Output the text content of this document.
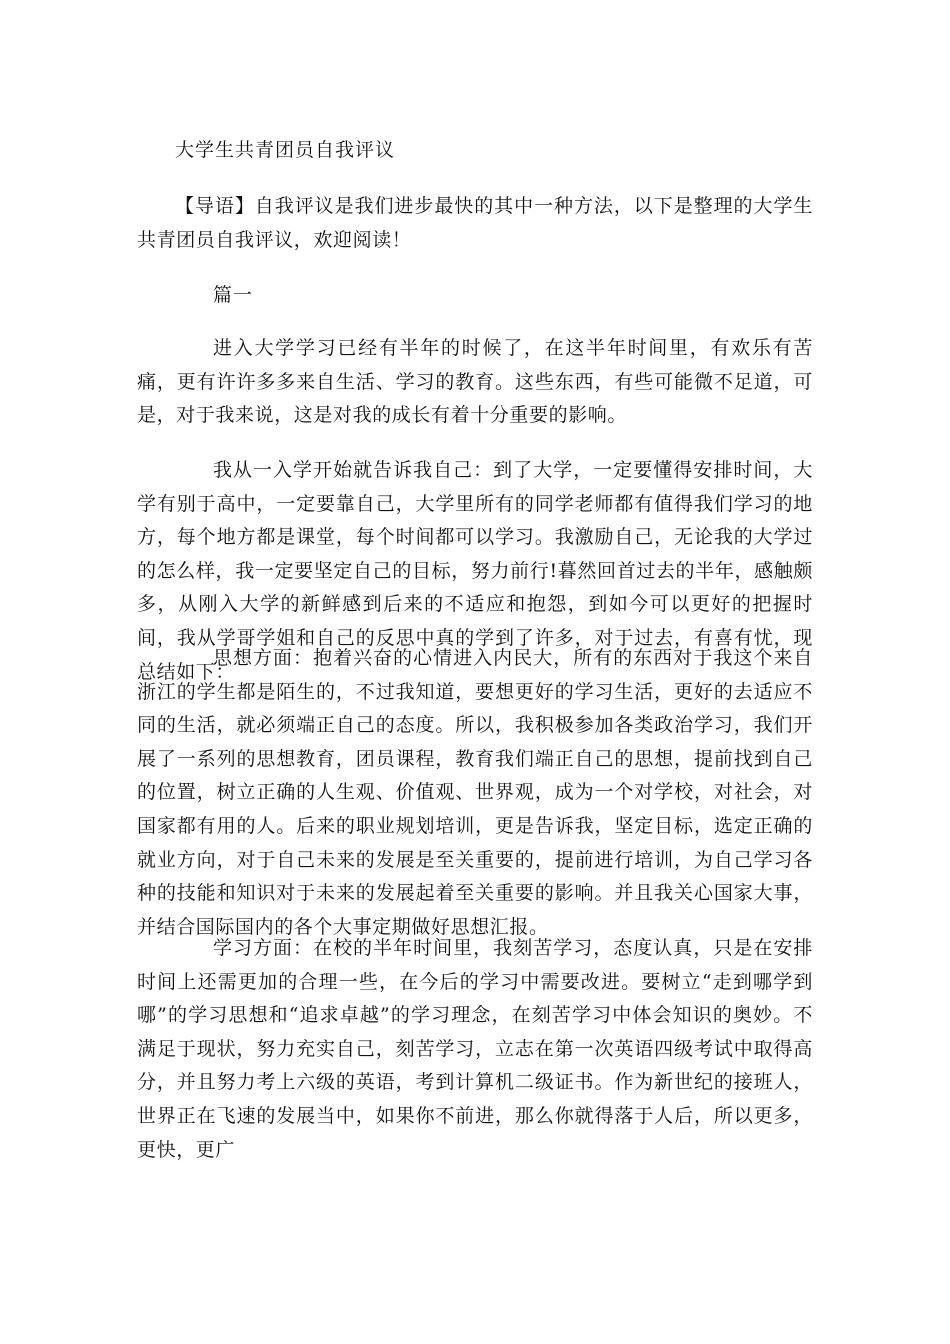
大学生共青团员自我评议
【导语】自我评议是我们进步最快的其中一种方法，以下是整理的大学生共青团员自我评议，欢迎阅读！
篇一
进入大学学习已经有半年的时候了，在这半年时间里，有欢乐有苦痛，更有许许多多来自生活、学习的教育。这些东西，有些可能微不足道，可是，对于我来说，这是对我的成长有着十分重要的影响。
我从一入学开始就告诉我自己：到了大学，一定要懂得安排时间，大学有别于高中，一定要靠自己，大学里所有的同学老师都有值得我们学习的地方，每个地方都是课堂，每个时间都可以学习。我激励自己，无论我的大学过的怎么样，我一定要坚定自己的目标，努力前行!暮然回首过去的半年，感触颇多，从刚入大学的新鲜感到后来的不适应和抱怨，到如今可以更好的把握时间，我从学哥学姐和自己的反思中真的学到了许多，对于过去，有喜有忧，现总结如下：
思想方面：抱着兴奋的心情进入内民大，所有的东西对于我这个来自浙江的学生都是陌生的，不过我知道，要想更好的学习生活，更好的去适应不同的生活，就必须端正自己的态度。所以，我积极参加各类政治学习，我们开展了一系列的思想教育，团员课程，教育我们端正自己的思想，提前找到自己的位置，树立正确的人生观、价值观、世界观，成为一个对学校，对社会，对国家都有用的人。后来的职业规划培训，更是告诉我，坚定目标，选定正确的就业方向，对于自己未来的发展是至关重要的，提前进行培训，为自己学习各种的技能和知识对于未来的发展起着至关重要的影响。并且我关心国家大事，并结合国际国内的各个大事定期做好思想汇报。
学习方面：在校的半年时间里，我刻苦学习，态度认真，只是在安排时间上还需更加的合理一些，在今后的学习中需要改进。要树立“走到哪学到哪”的学习思想和“追求卓越”的学习理念，在刻苦学习中体会知识的奥妙。不满足于现状，努力充实自己，刻苦学习，立志在第一次英语四级考试中取得高分，并且努力考上六级的英语，考到计算机二级证书。作为新世纪的接班人，世界正在飞速的发展当中，如果你不前进，那么你就得落于人后，所以更多，更快，更广
